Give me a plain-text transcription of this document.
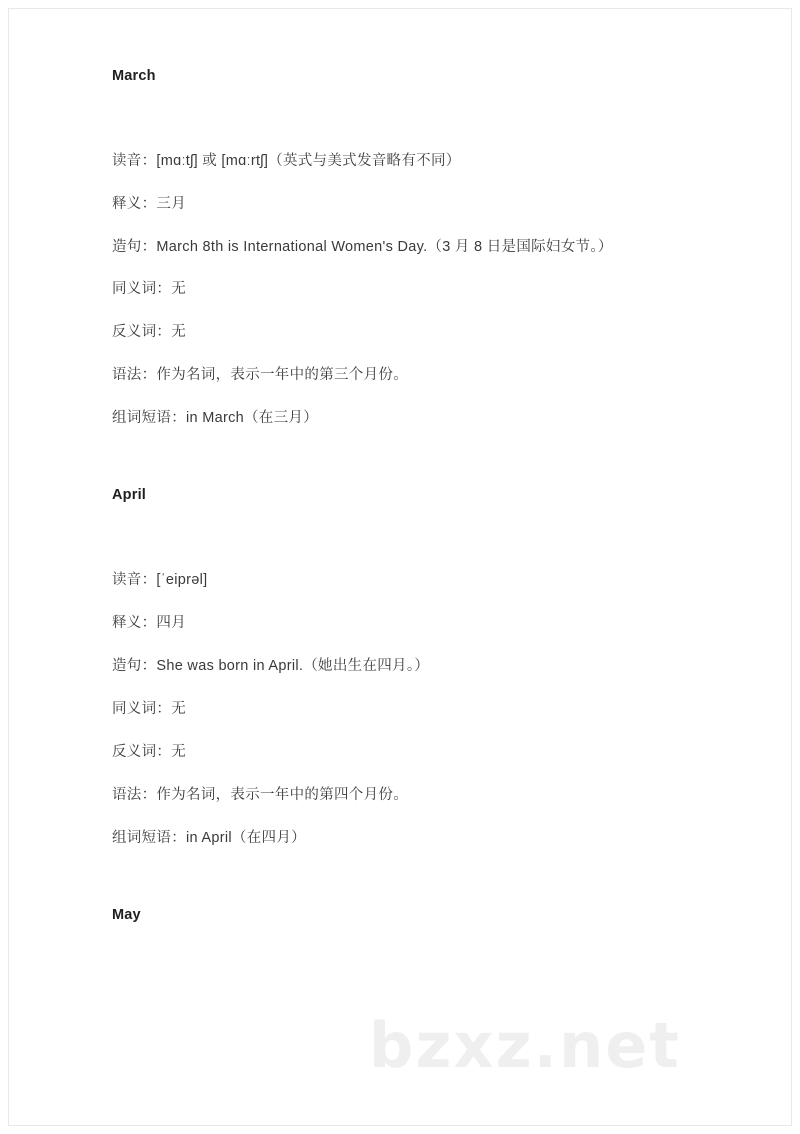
March
读音：[mɑːtʃ] 或 [mɑːrtʃ]（英式与美式发音略有不同）
释义：三月
造句：March 8th is International Women's Day.（3 月 8 日是国际妇女节。）
同义词：无
反义词：无
语法：作为名词，表示一年中的第三个月份。
组词短语：in March（在三月）
April
读音：[ˈeiprəl]
释义：四月
造句：She was born in April.（她出生在四月。）
同义词：无
反义词：无
语法：作为名词，表示一年中的第四个月份。
组词短语：in April（在四月）
May
bzxz.net
